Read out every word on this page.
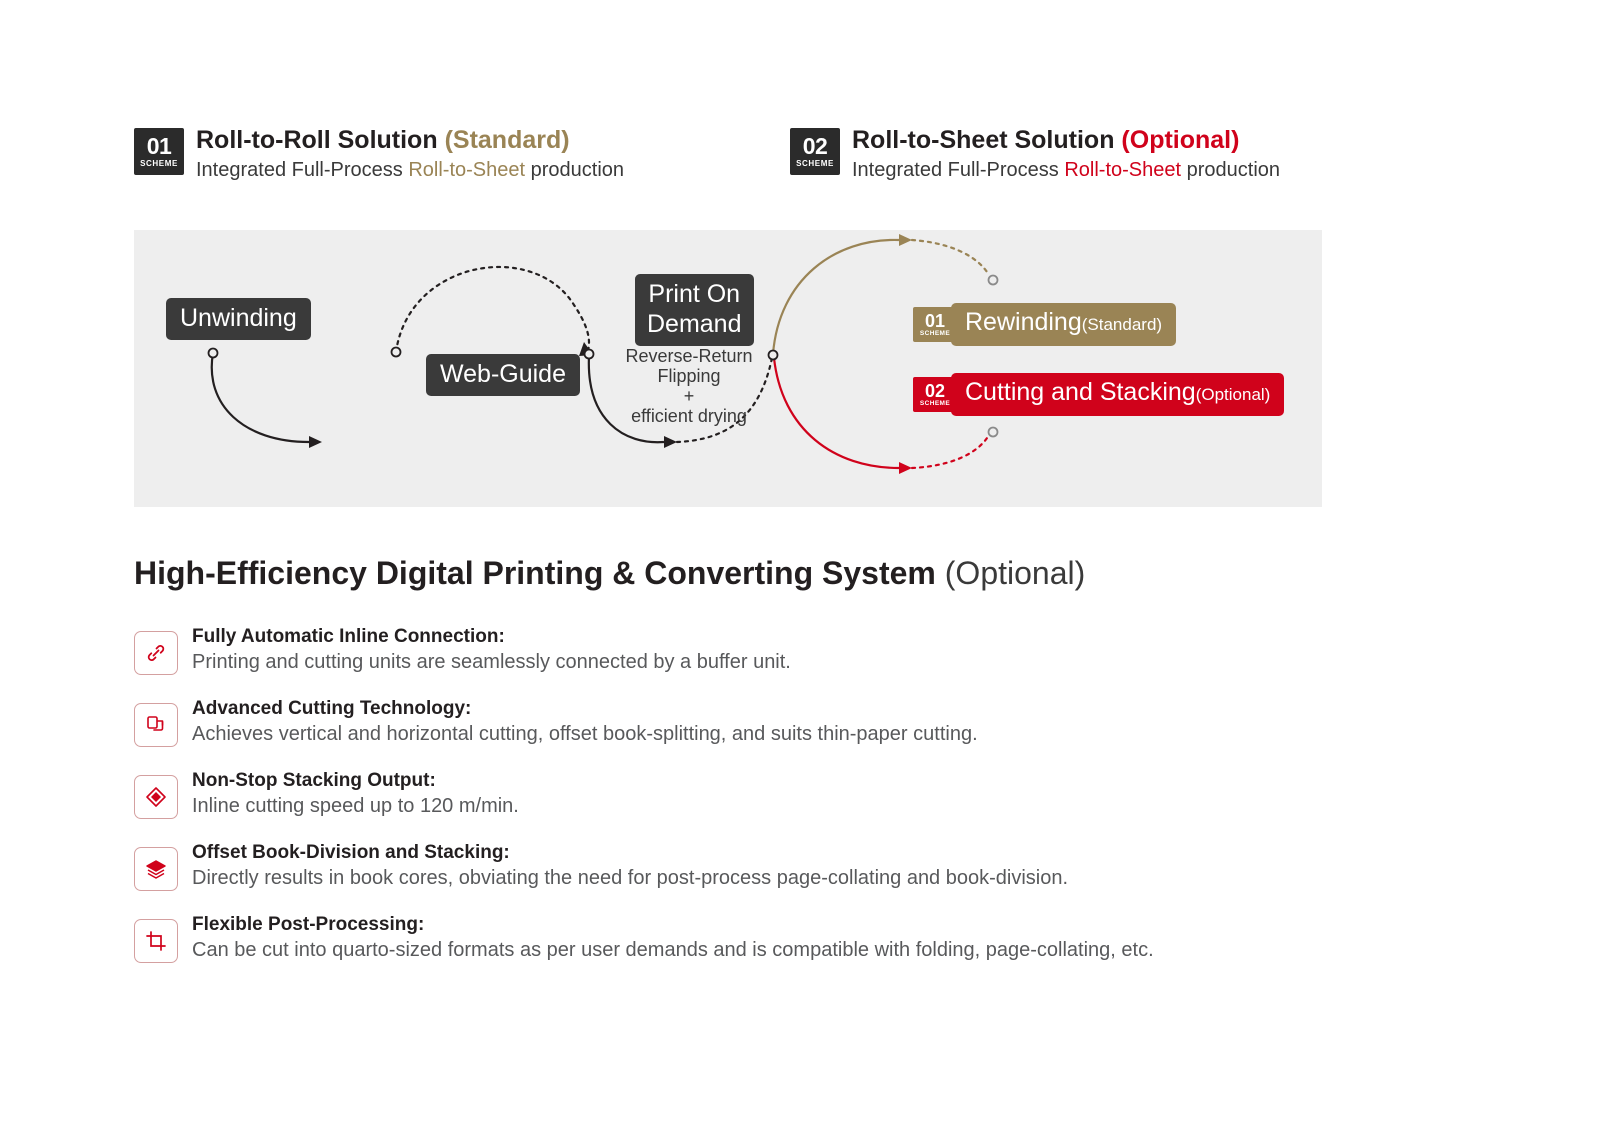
01
SCHEME
Roll-to-Roll Solution (Standard)
Integrated Full-Process Roll-to-Sheet production
02
SCHEME
Roll-to-Sheet Solution (Optional)
Integrated Full-Process Roll-to-Sheet production
Unwinding
Web-Guide
Print On
Demand
Reverse-Return
Flipping
+
efficient drying
01
SCHEME Rewinding (Standard)
02
SCHEME Cutting and Stacking (Optional)
High-Efficiency Digital Printing & Converting System (Optional)
Fully Automatic Inline Connection:
Printing and cutting units are seamlessly connected by a buffer unit.
Advanced Cutting Technology:
Achieves vertical and horizontal cutting, offset book-splitting, and suits thin-paper cutting.
Non-Stop Stacking Output:
Inline cutting speed up to 120 m/min.
Offset Book-Division and Stacking:
Directly results in book cores, obviating the need for post-process page-collating and book-division.
Flexible Post-Processing:
Can be cut into quarto-sized formats as per user demands and is compatible with folding, page-collating, etc.
